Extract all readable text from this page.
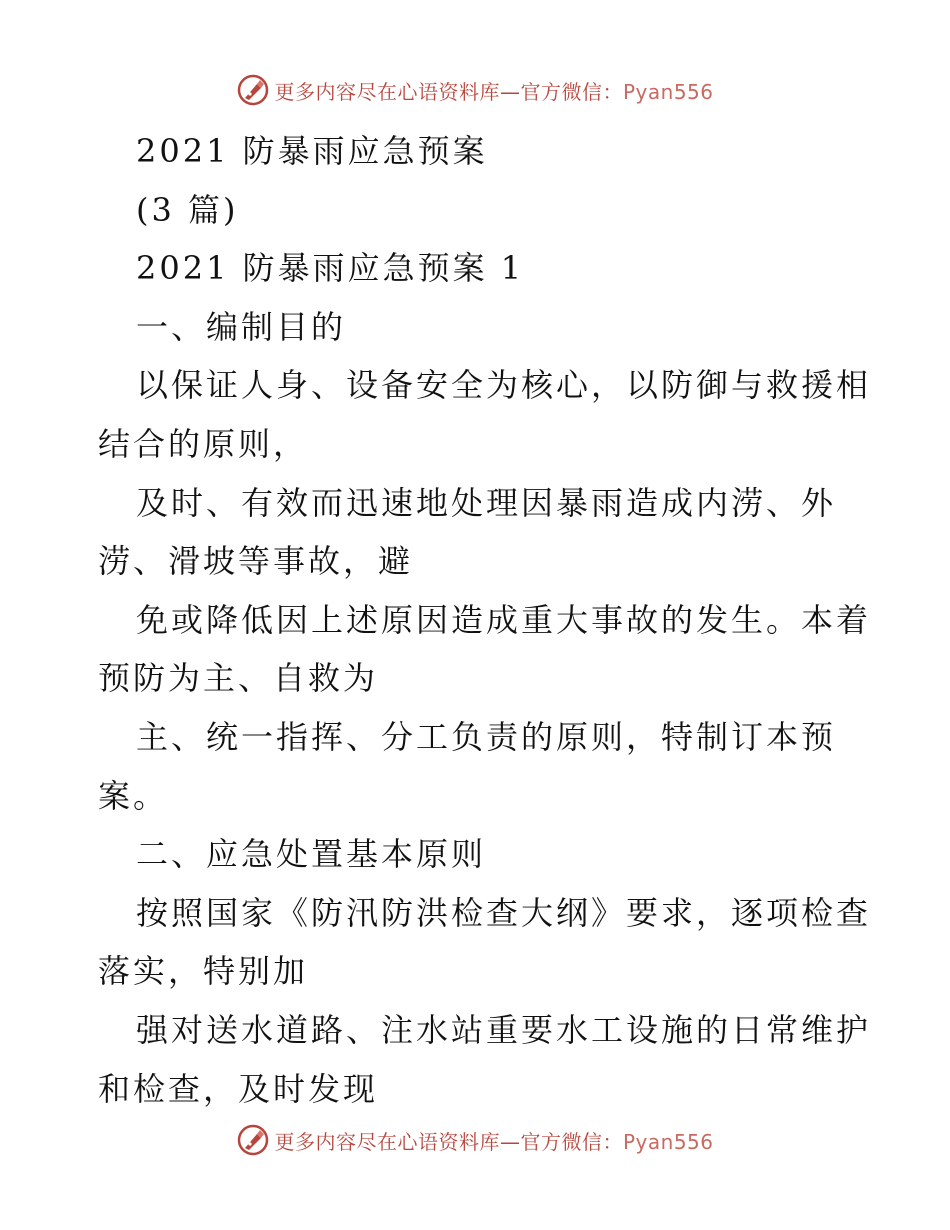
更多内容尽在心语资料库—官方微信：Pyan556
2021 防暴雨应急预案
(3 篇)
2021 防暴雨应急预案 1
一、编制目的
以保证人身、设备安全为核心，以防御与救援相
结合的原则，
及时、有效而迅速地处理因暴雨造成内涝、外
涝、滑坡等事故，避
免或降低因上述原因造成重大事故的发生。本着
预防为主、自救为
主、统一指挥、分工负责的原则，特制订本预
案。
二、应急处置基本原则
按照国家《防汛防洪检查大纲》要求，逐项检查
落实，特别加
强对送水道路、注水站重要水工设施的日常维护
和检查，及时发现
更多内容尽在心语资料库—官方微信：Pyan556
